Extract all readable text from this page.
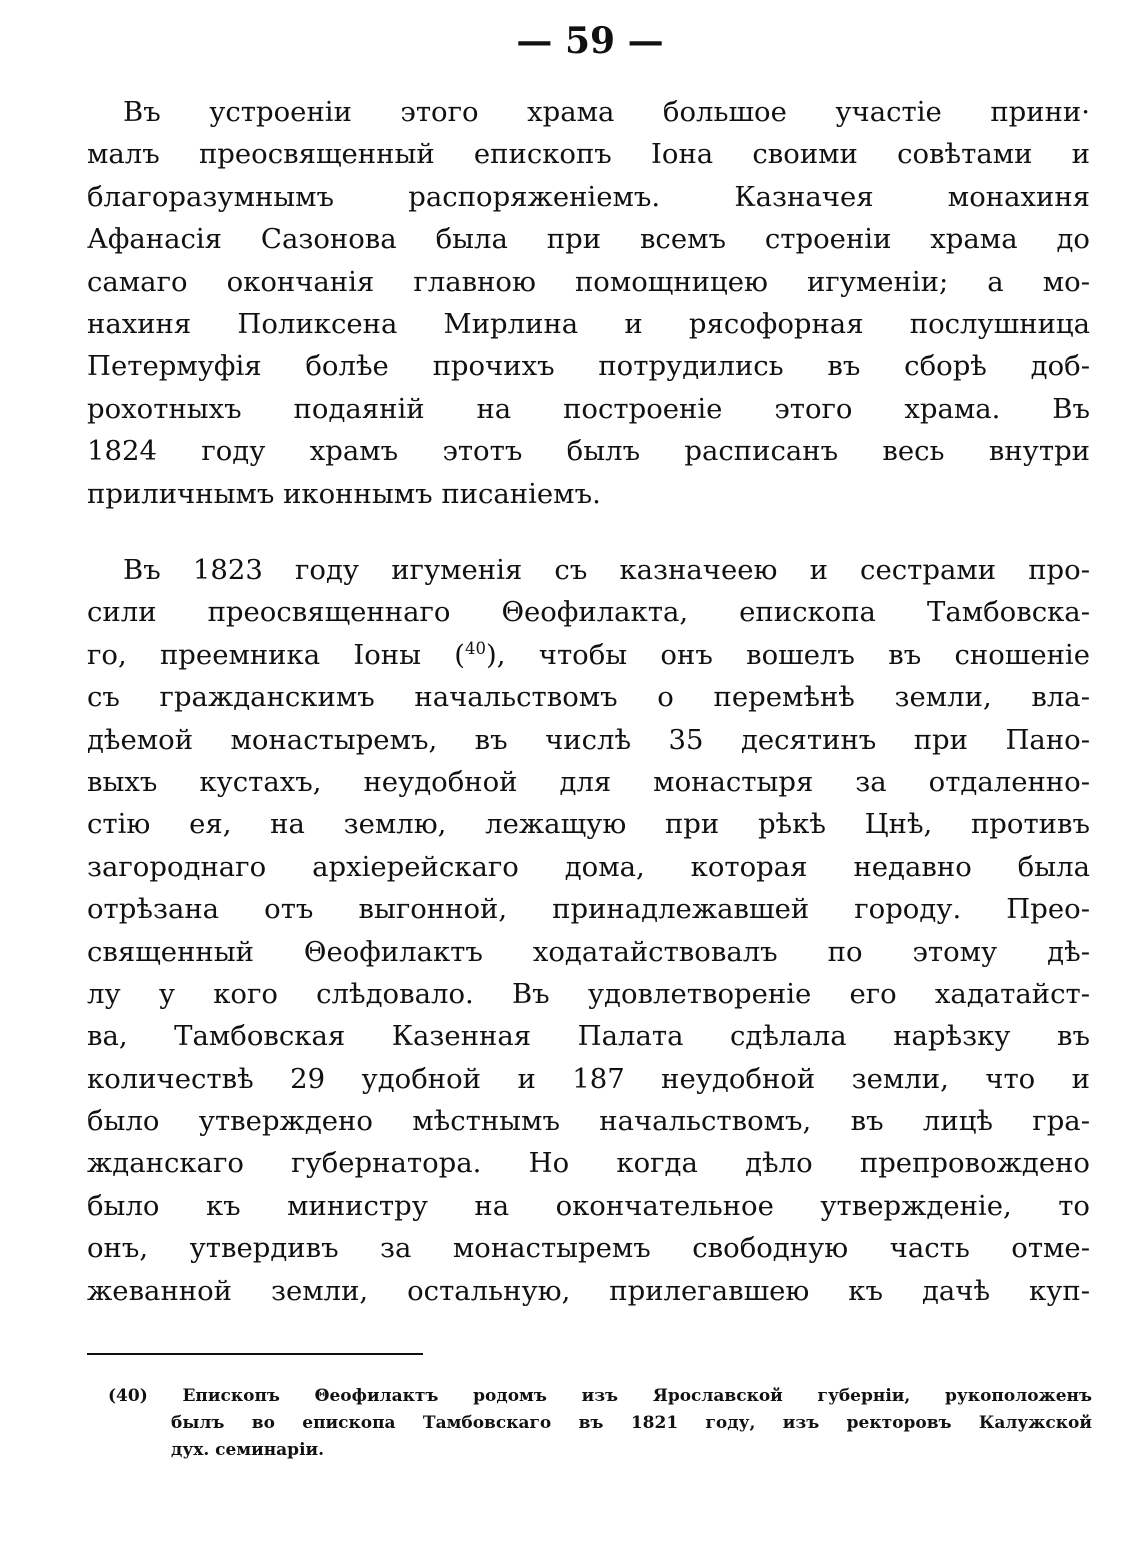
— 59 —
Въ устроеніи этого храма большое участіе прини·
малъ преосвященный епископъ Іона своими совѣтами и
благоразумнымъ распоряженіемъ. Казначея монахиня
Афанасія Сазонова была при всемъ строеніи храма до
самаго окончанія главною помощницею игуменіи; а мо-
нахиня Поликсена Мирлина и рясофорная послушница
Петермуфія болѣе прочихъ потрудились въ сборѣ доб-
рохотныхъ подаяній на построеніе этого храма. Въ
1824 году храмъ этотъ былъ расписанъ весь внутри
приличнымъ иконнымъ писаніемъ.
Въ 1823 году игуменія съ казначеею и сестрами про-
сили преосвященнаго Θеофилакта, епископа Тамбовска-
го, преемника Іоны ($^{40}$), чтобы онъ вошелъ въ сношеніе
съ гражданскимъ начальствомъ о перемѣнѣ земли, вла-
дѣемой монастыремъ, въ числѣ 35 десятинъ при Пано-
выхъ кустахъ, неудобной для монастыря за отдаленно-
стію ея, на землю, лежащую при рѣкѣ Цнѣ, противъ
загороднаго архіерейскаго дома, которая недавно была
отрѣзана отъ выгонной, принадлежавшей городу. Прео-
священный Θеофилактъ ходатайствовалъ по этому дѣ-
лу у кого слѣдовало. Въ удовлетвореніе его хадатайст-
ва, Тамбовская Казенная Палата сдѣлала нарѣзку въ
количествѣ 29 удобной и 187 неудобной земли, что и
было утверждено мѣстнымъ начальствомъ, въ лицѣ гра-
жданскаго губернатора. Но когда дѣло препровождено
было къ министру на окончательное утвержденіе, то
онъ, утвердивъ за монастыремъ свободную часть отме-
жеванной земли, остальную, прилегавшею къ дачѣ куп-
(40) Епископъ Θеофилактъ родомъ изъ Ярославской губерніи, рукоположенъ
былъ во епископа Тамбовскаго въ 1821 году, изъ ректоровъ Калужской
дух. семинаріи.
